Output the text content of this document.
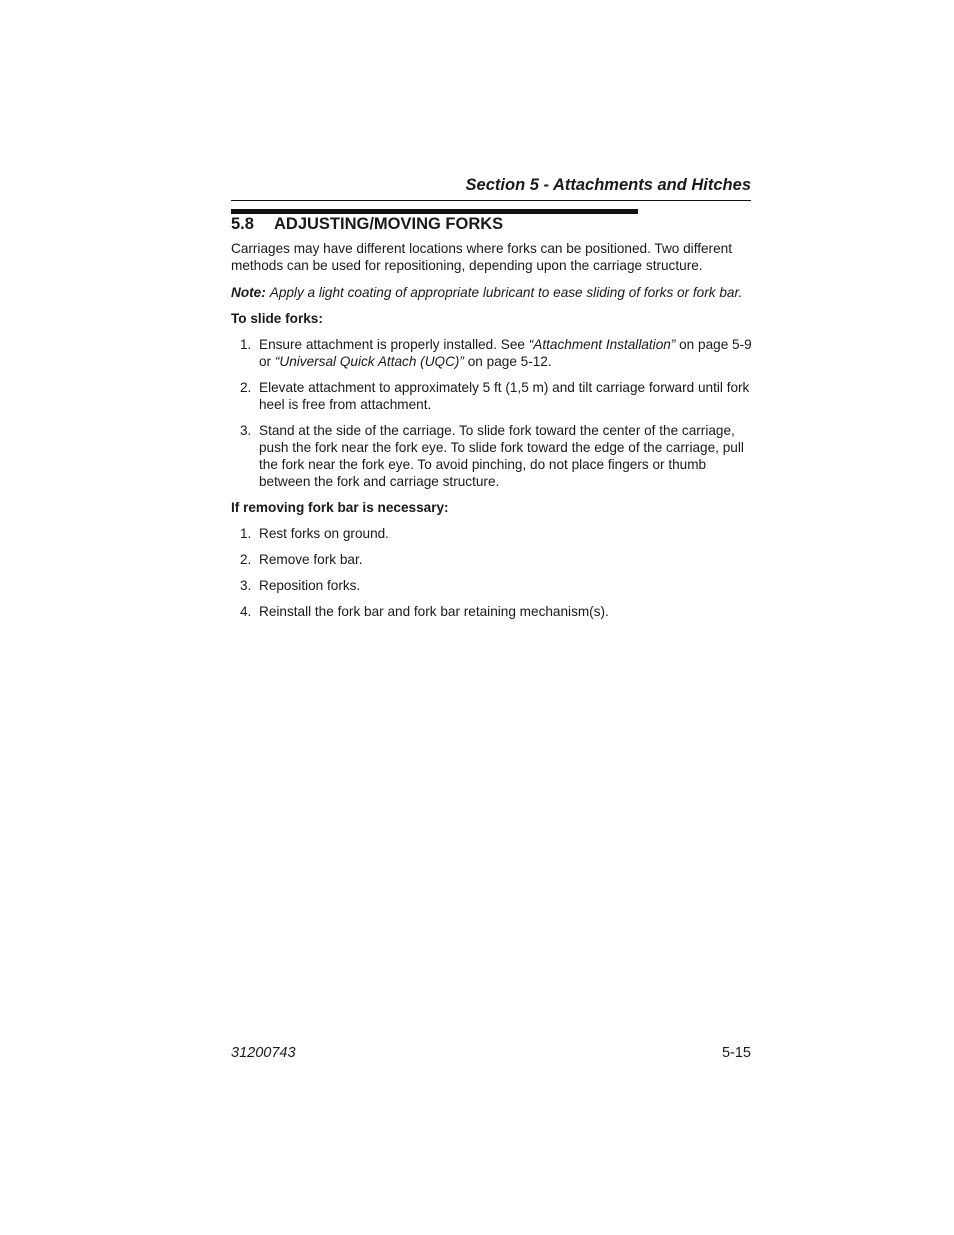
Section 5 - Attachments and Hitches
5.8 ADJUSTING/MOVING FORKS

Carriages may have different locations where forks can be positioned. Two different methods can be used for repositioning, depending upon the carriage structure.

Note: Apply a light coating of appropriate lubricant to ease sliding of forks or fork bar.

To slide forks:

1. Ensure attachment is properly installed. See “Attachment Installation” on page 5-9 or “Universal Quick Attach (UQC)” on page 5-12.
2. Elevate attachment to approximately 5 ft (1,5 m) and tilt carriage forward until fork heel is free from attachment.
3. Stand at the side of the carriage. To slide fork toward the center of the carriage, push the fork near the fork eye. To slide fork toward the edge of the carriage, pull the fork near the fork eye. To avoid pinching, do not place fingers or thumb between the fork and carriage structure.

If removing fork bar is necessary:

1. Rest forks on ground.
2. Remove fork bar.
3. Reposition forks.
4. Reinstall the fork bar and fork bar retaining mechanism(s).
31200743	5-15
